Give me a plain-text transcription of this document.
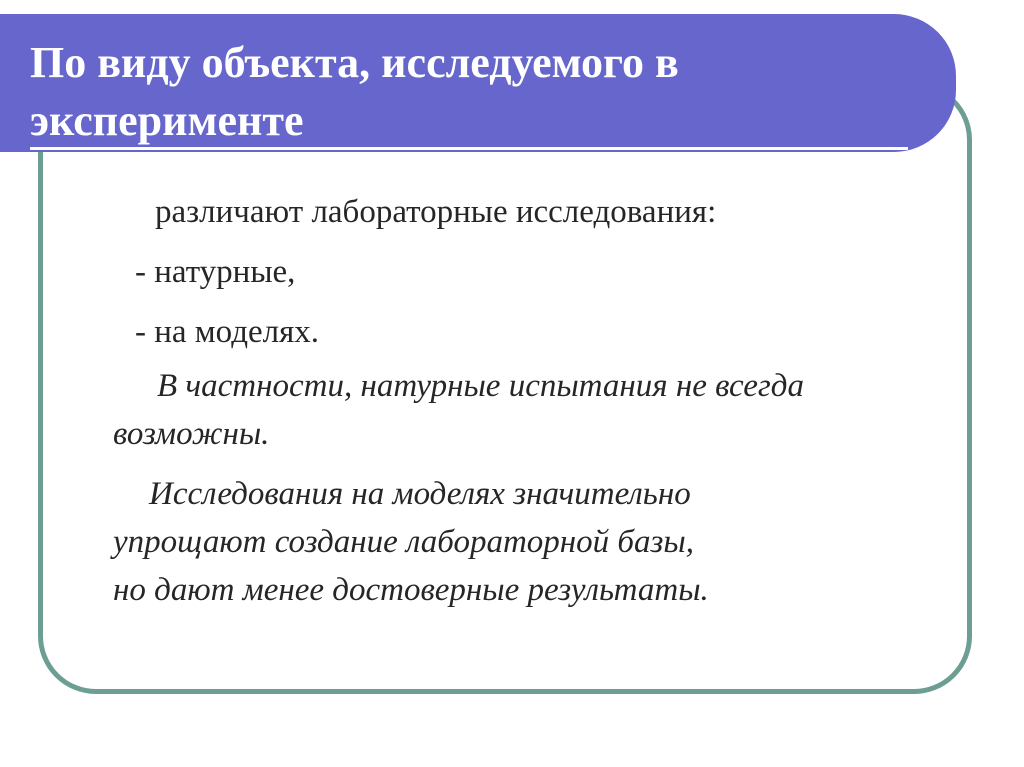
По виду объекта, исследуемого в
эксперименте
различают лабораторные исследования:
- натурные,
- на моделях.
В частности, натурные испытания не всегда
возможны.
Исследования на моделях значительно
упрощают создание лабораторной базы,
но дают менее достоверные результаты.
